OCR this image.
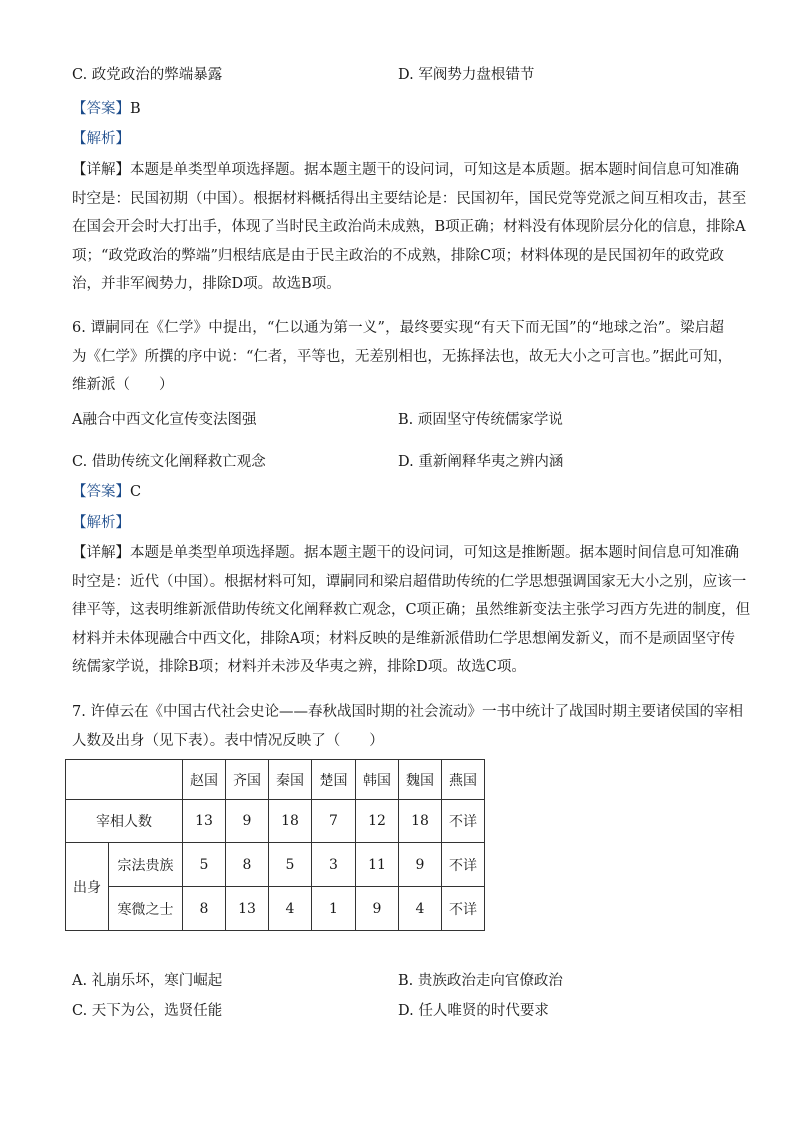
C. 政党政治的弊端暴露	D. 军阀势力盘根错节
【答案】B
【解析】
【详解】本题是单类型单项选择题。据本题主题干的设问词，可知这是本质题。据本题时间信息可知准确
时空是：民国初期（中国）。根据材料概括得出主要结论是：民国初年，国民党等党派之间互相攻击，甚至
在国会开会时大打出手，体现了当时民主政治尚未成熟，B项正确；材料没有体现阶层分化的信息，排除A
项；“政党政治的弊端”归根结底是由于民主政治的不成熟，排除C项；材料体现的是民国初年的政党政
治，并非军阀势力，排除D项。故选B项。
6. 谭嗣同在《仁学》中提出，“仁以通为第一义”，最终要实现“有天下而无国”的“地球之治”。梁启超
为《仁学》所撰的序中说：“仁者，平等也，无差别相也，无拣择法也，故无大小之可言也。”据此可知，
维新派（　　）
A融合中西文化宣传变法图强	B. 顽固坚守传统儒家学说
C. 借助传统文化阐释救亡观念	D. 重新阐释华夷之辨内涵
【答案】C
【解析】
【详解】本题是单类型单项选择题。据本题主题干的设问词，可知这是推断题。据本题时间信息可知准确
时空是：近代（中国）。根据材料可知，谭嗣同和梁启超借助传统的仁学思想强调国家无大小之别，应该一
律平等，这表明维新派借助传统文化阐释救亡观念，C项正确；虽然维新变法主张学习西方先进的制度，但
材料并未体现融合中西文化，排除A项；材料反映的是维新派借助仁学思想阐发新义，而不是顽固坚守传
统儒家学说，排除B项；材料并未涉及华夷之辨，排除D项。故选C项。
7. 许倬云在《中国古代社会史论——春秋战国时期的社会流动》一书中统计了战国时期主要诸侯国的宰相
人数及出身（见下表）。表中情况反映了（　　）
		赵国	齐国	秦国	楚国	韩国	魏国	燕国
宰相人数		13	9	18	7	12	18	不详
出身	宗法贵族	5	8	5	3	11	9	不详
	寒微之士	8	13	4	1	9	4	不详
A. 礼崩乐坏，寒门崛起	B. 贵族政治走向官僚政治
C. 天下为公，选贤任能	D. 任人唯贤的时代要求
